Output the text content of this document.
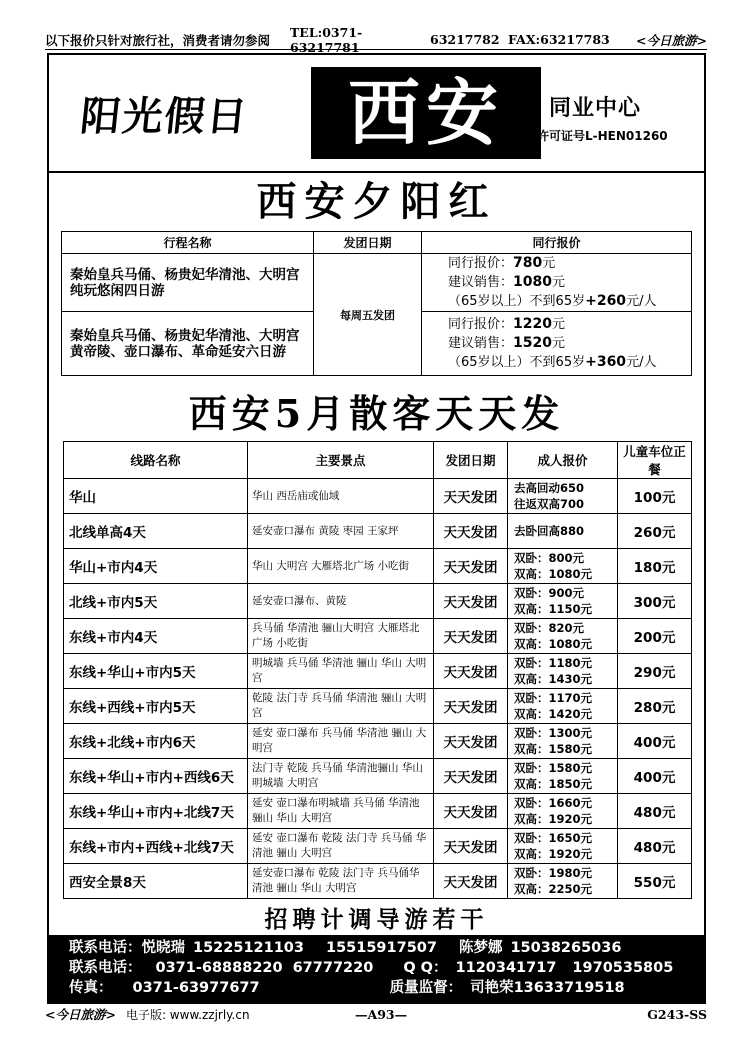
以下报价只针对旅行社，消费者请勿参阅
TEL:0371-63217781	63217782 FAX:63217783	<今日旅游>
阳光假日	西安	同业中心
许可证号L-HEN01260
西安夕阳红
行程名称	发团日期	同行报价
秦始皇兵马俑、杨贵妃华清池、大明宫纯玩悠闲四日游	每周五发团	同行报价：780元
建议销售：1080元
（65岁以上）不到65岁+260元/人

秦始皇兵马俑、杨贵妃华清池、大明宫黄帝陵、壶口瀑布、革命延安六日游		同行报价：1220元
建议销售：1520元
（65岁以上）不到65岁+360元/人
西安5月散客天天发
线路名称	主要景点	发团日期	成人报价	儿童车位正餐
华山	华山 西岳庙或仙域	天天发团	去高回动650
往返双高700	100元
北线单高4天	延安壶口瀑布 黄陵 枣园 王家坪	天天发团	去卧回高880	260元
华山+市内4天	华山 大明宫 大雁塔北广场 小吃街	天天发团	双卧：800元
双高：1080元	180元
北线+市内5天	延安壶口瀑布、黄陵	天天发团	双卧：900元
双高：1150元	300元
东线+市内4天	兵马俑 华清池 骊山大明宫 大雁塔北广场 小吃街	天天发团	双卧：820元
双高：1080元	200元
东线+华山+市内5天	明城墙 兵马俑 华清池 骊山 华山 大明宫	天天发团	双卧：1180元
双高：1430元	290元
东线+西线+市内5天	乾陵 法门寺 兵马俑 华清池 骊山 大明宫	天天发团	双卧：1170元
双高：1420元	280元
东线+北线+市内6天	延安 壶口瀑布 兵马俑 华清池 骊山 大明宫	天天发团	双卧：1300元
双高：1580元	400元
东线+华山+市内+西线6天	法门寺 乾陵 兵马俑 华清池骊山 华山 明城墙 大明宫	天天发团	双卧：1580元
双高：1850元	400元
东线+华山+市内+北线7天	延安 壶口瀑布明城墙 兵马俑 华清池 骊山 华山 大明宫	天天发团	双卧：1660元
双高：1920元	480元
东线+市内+西线+北线7天	延安 壶口瀑布 乾陵 法门寺 兵马俑 华清池 骊山 大明宫	天天发团	双卧：1650元
双高：1920元	480元
西安全景8天	延安壶口瀑布 乾陵 法门寺 兵马俑华清池 骊山 华山 大明宫	天天发团	双卧：1980元
双高：2250元	550元
招聘计调导游若干
联系电话：悦晓瑞 15225121103 15515917507 陈梦娜 15038265036
联系电话： 0371-68888220 67777220 Q Q： 1120341717 1970535805
传真： 0371-63977677	质量监督： 司艳荣13633719518
<今日旅游> 电子版: www.zzjrly.cn	—A93—	G243-SS
